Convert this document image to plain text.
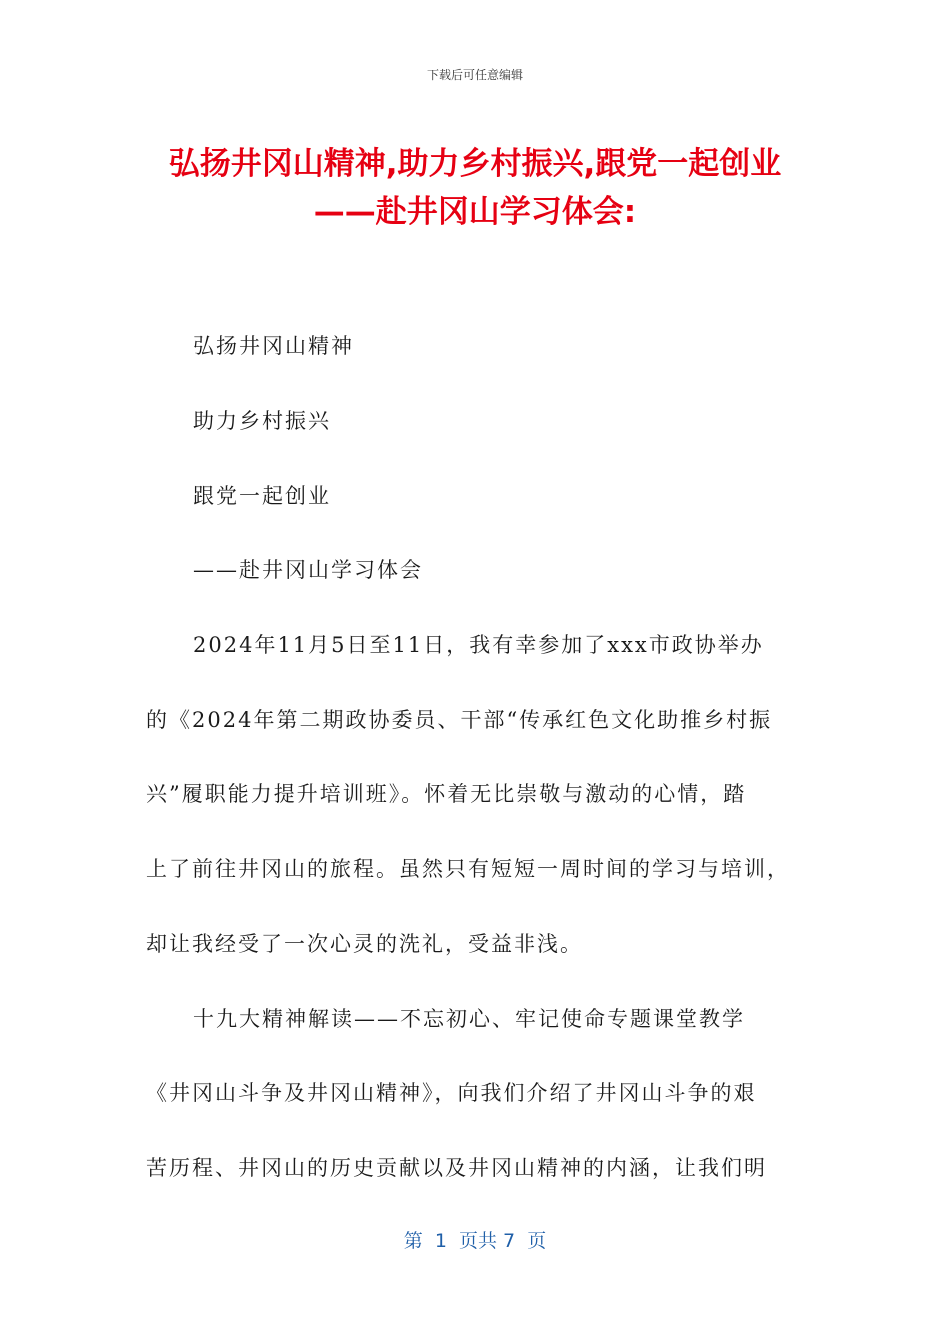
下载后可任意编辑
弘扬井冈山精神,助力乡村振兴,跟党一起创业
——赴井冈山学习体会:
弘扬井冈山精神
助力乡村振兴
跟党一起创业
——赴井冈山学习体会
2024年11月5日至11日，我有幸参加了xxx市政协举办
的《2024年第二期政协委员、干部“传承红色文化助推乡村振
兴”履职能力提升培训班》。怀着无比崇敬与激动的心情，踏
上了前往井冈山的旅程。虽然只有短短一周时间的学习与培训，
却让我经受了一次心灵的洗礼，受益非浅。
十九大精神解读——不忘初心、牢记使命专题课堂教学
《井冈山斗争及井冈山精神》，向我们介绍了井冈山斗争的艰
苦历程、井冈山的历史贡献以及井冈山精神的内涵，让我们明
第  1  页共 7  页
